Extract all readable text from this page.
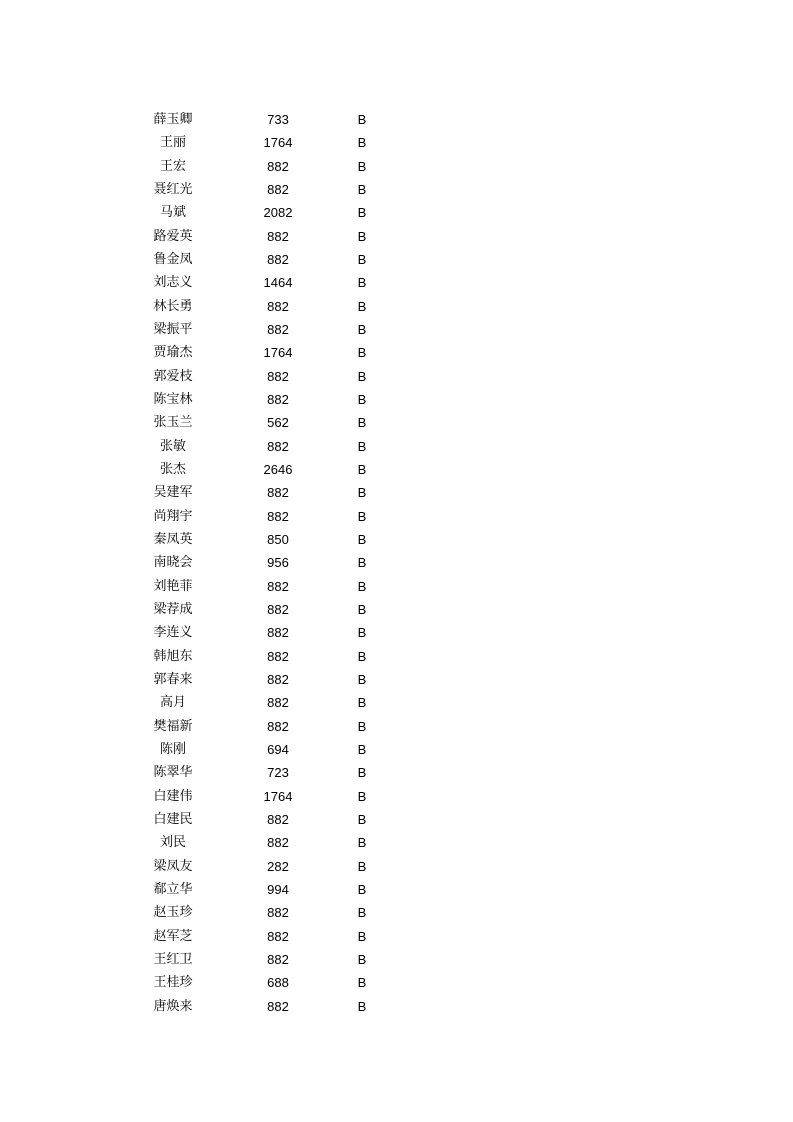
薛玉卿	733	B
王丽	1764	B
王宏	882	B
聂红光	882	B
马斌	2082	B
路爱英	882	B
鲁金凤	882	B
刘志义	1464	B
林长勇	882	B
梁振平	882	B
贾瑜杰	1764	B
郭爱枝	882	B
陈宝林	882	B
张玉兰	562	B
张敏	882	B
张杰	2646	B
吴建军	882	B
尚翔宇	882	B
秦凤英	850	B
南晓会	956	B
刘艳菲	882	B
梁荐成	882	B
李连义	882	B
韩旭东	882	B
郭春来	882	B
高月	882	B
樊福新	882	B
陈刚	694	B
陈翠华	723	B
白建伟	1764	B
白建民	882	B
刘民	882	B
梁凤友	282	B
郗立华	994	B
赵玉珍	882	B
赵军芝	882	B
王红卫	882	B
王桂珍	688	B
唐焕来	882	B
